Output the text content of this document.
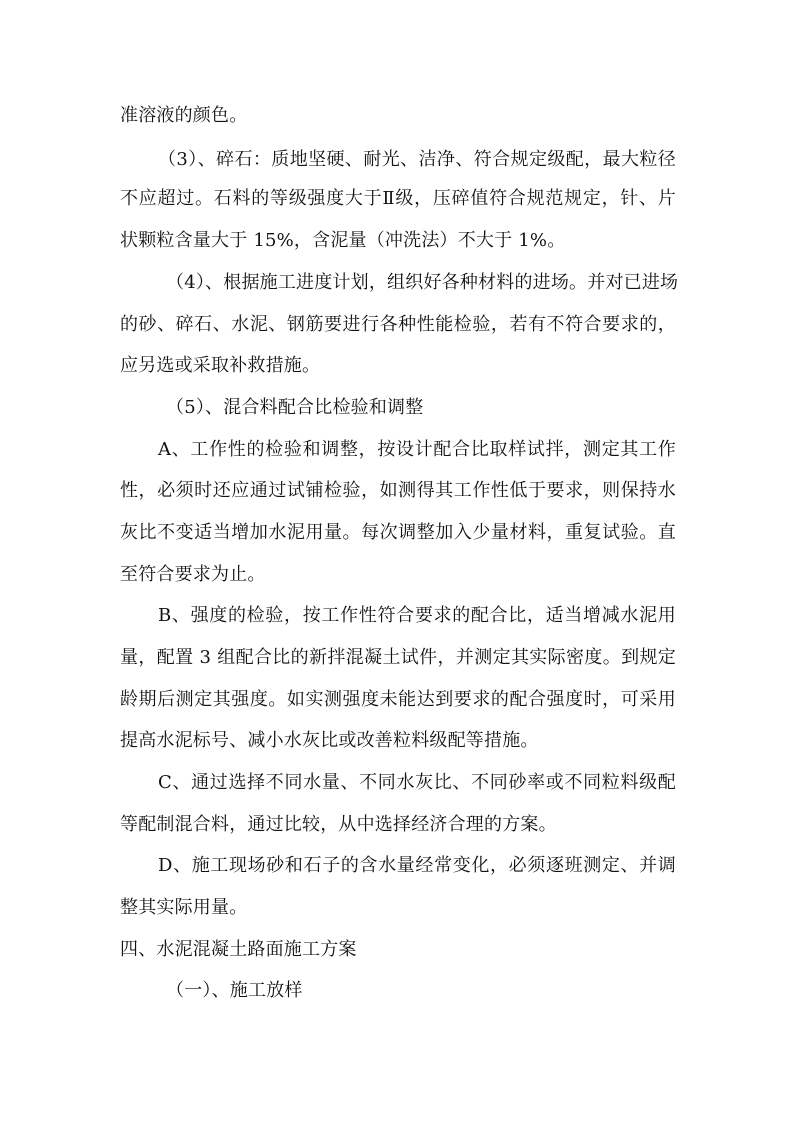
准溶液的颜色。
（3）、碎石：质地坚硬、耐光、洁净、符合规定级配，最大粒径
不应超过。石料的等级强度大于Ⅱ级，压碎值符合规范规定，针、片
状颗粒含量大于 15%，含泥量（冲洗法）不大于 1%。
（4）、根据施工进度计划，组织好各种材料的进场。并对已进场
的砂、碎石、水泥、钢筋要进行各种性能检验，若有不符合要求的，
应另选或采取补救措施。
（5）、混合料配合比检验和调整
A、工作性的检验和调整，按设计配合比取样试拌，测定其工作
性，必须时还应通过试铺检验，如测得其工作性低于要求，则保持水
灰比不变适当增加水泥用量。每次调整加入少量材料，重复试验。直
至符合要求为止。
B、强度的检验，按工作性符合要求的配合比，适当增减水泥用
量，配置 3 组配合比的新拌混凝土试件，并测定其实际密度。到规定
龄期后测定其强度。如实测强度未能达到要求的配合强度时，可采用
提高水泥标号、减小水灰比或改善粒料级配等措施。
C、通过选择不同水量、不同水灰比、不同砂率或不同粒料级配
等配制混合料，通过比较，从中选择经济合理的方案。
D、施工现场砂和石子的含水量经常变化，必须逐班测定、并调
整其实际用量。
四、水泥混凝土路面施工方案
（一）、施工放样
